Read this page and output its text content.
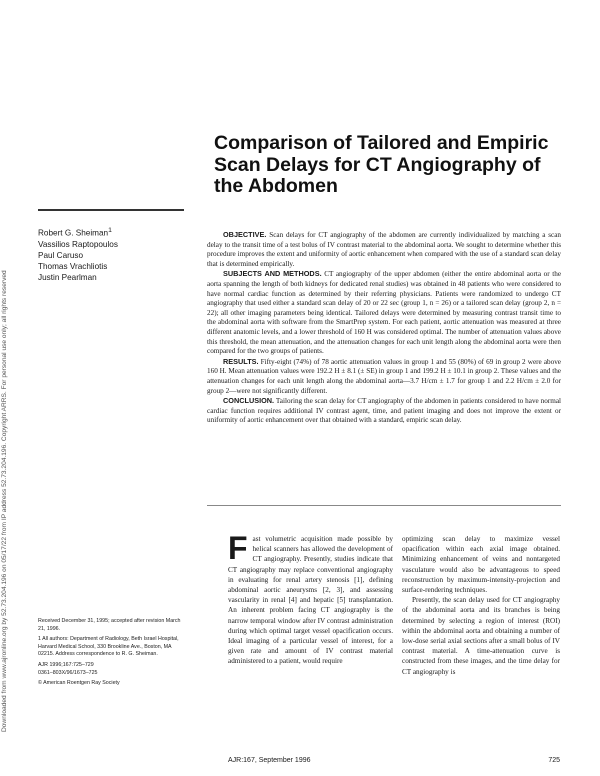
Downloaded from www.ajronline.org by 52.73.204.196 on 05/17/22 from IP address 52.73.204.196. Copyright ARRS. For personal use only; all rights reserved
Comparison of Tailored and Empiric Scan Delays for CT Angiography of the Abdomen
Robert G. Sheiman$^1$
Vassilios Raptopoulos
Paul Caruso
Thomas Vrachliotis
Justin Pearlman

OBJECTIVE. Scan delays for CT angiography of the abdomen are currently individualized by matching a scan delay to the transit time of a test bolus of IV contrast material to the abdominal aorta. We sought to determine whether this procedure improves the extent and uniformity of aortic enhancement when compared with the use of a standard scan delay that is determined empirically.

SUBJECTS AND METHODS. CT angiography of the upper abdomen (either the entire abdominal aorta or the aorta spanning the length of both kidneys for dedicated renal studies) was obtained in 48 patients who were considered to have normal cardiac function as determined by their referring physicians. Patients were randomized to undergo CT angiography that used either a standard scan delay of 20 or 22 sec (group 1, n = 26) or a tailored scan delay (group 2, n = 22); all other imaging parameters being identical. Tailored delays were determined by measuring contrast transit time to the abdominal aorta with software from the SmartPrep system. For each patient, aortic attenuation was measured at three different anatomic levels, and a lower threshold of 160 H was considered optimal. The number of attenuation values above this threshold, the mean attenuation, and the attenuation changes for each unit length along the abdominal aorta were then compared for the two groups of patients.

RESULTS. Fifty-eight (74%) of 78 aortic attenuation values in group 1 and 55 (80%) of 69 in group 2 were above 160 H. Mean attenuation values were 192.2 H ± 8.1 (± SE) in group 1 and 199.2 H ± 10.1 in group 2. These values and the attenuation changes for each unit length along the abdominal aorta—3.7 H/cm ± 1.7 for group 1 and 2.2 H/cm ± 2.0 for group 2—were not significantly different.

CONCLUSION. Tailoring the scan delay for CT angiography of the abdomen in patients considered to have normal cardiac function requires additional IV contrast agent, time, and patient imaging and does not improve the extent or uniformity of aortic enhancement over that obtained with a standard, empiric scan delay.

Fast volumetric acquisition made possible by helical scanners has allowed the development of CT angiography. Presently, studies indicate that CT angiography may replace conventional angiography in evaluating for renal artery stenosis [1], defining abdominal aortic aneurysms [2, 3], and assessing vascularity in renal [4] and hepatic [5] transplantation. An inherent problem facing CT angiography is the narrow temporal window after IV contrast administration during which optimal target vessel opacification occurs. Ideal imaging of a particular vessel of interest, for a given rate and amount of IV contrast material administered to a patient, would require

optimizing scan delay to maximize vessel opacification within each axial image obtained. Minimizing enhancement of veins and nontargeted vasculature would also be advantageous to speed reconstruction by maximum-intensity-projection and surface-rendering techniques.

Presently, the scan delay used for CT angiography of the abdominal aorta and its branches is being determined by selecting a region of interest (ROI) within the abdominal aorta and obtaining a number of low-dose serial axial sections after a small bolus of IV contrast material. A time-attenuation curve is constructed from these images, and the time delay for CT angiography is

Received December 31, 1995; accepted after revision March 21, 1996.

1 All authors: Department of Radiology, Beth Israel Hospital, Harvard Medical School, 330 Brookline Ave., Boston, MA 02215. Address correspondence to R. G. Sheiman.

AJR 1996;167:725–729
0361–803X/96/1673–725

© American Roentgen Ray Society

AJR:167, September 1996	725
